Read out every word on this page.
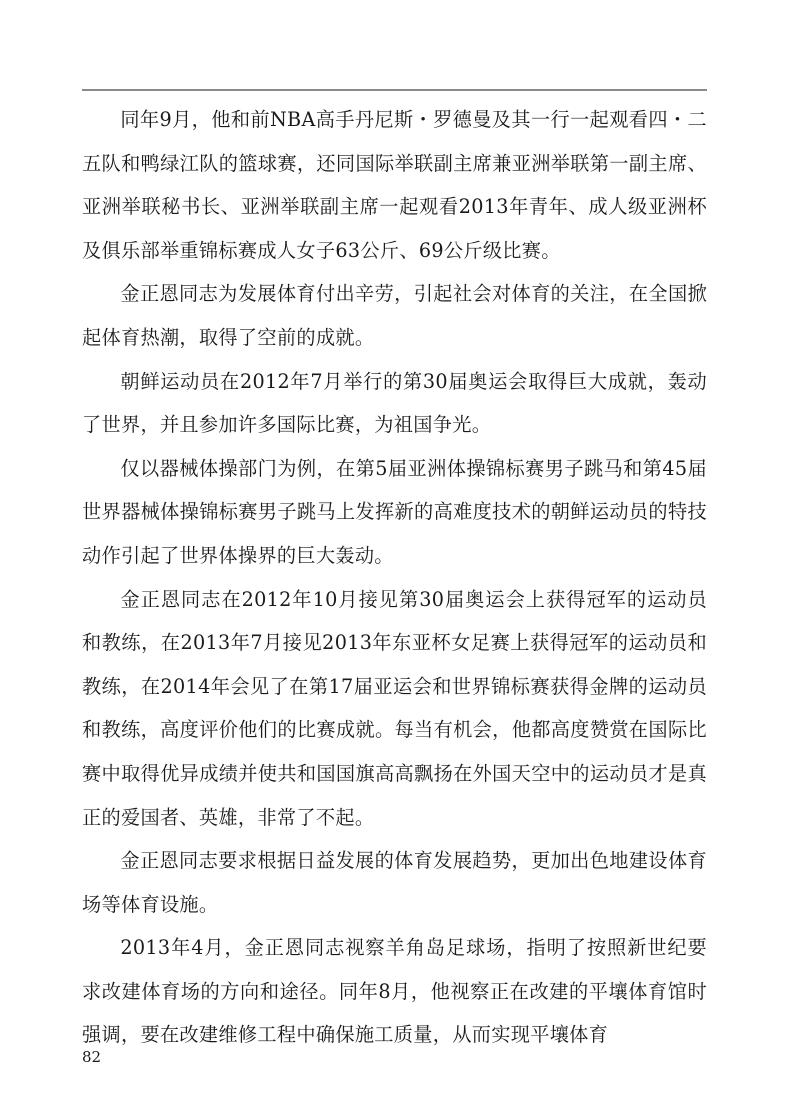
同年9月，他和前NBA高手丹尼斯・罗德曼及其一行一起观看四・二五队和鸭绿江队的篮球赛，还同国际举联副主席兼亚洲举联第一副主席、亚洲举联秘书长、亚洲举联副主席一起观看2013年青年、成人级亚洲杯及俱乐部举重锦标赛成人女子63公斤、69公斤级比赛。

金正恩同志为发展体育付出辛劳，引起社会对体育的关注，在全国掀起体育热潮，取得了空前的成就。

朝鲜运动员在2012年7月举行的第30届奥运会取得巨大成就，轰动了世界，并且参加许多国际比赛，为祖国争光。

仅以器械体操部门为例，在第5届亚洲体操锦标赛男子跳马和第45届世界器械体操锦标赛男子跳马上发挥新的高难度技术的朝鲜运动员的特技动作引起了世界体操界的巨大轰动。

金正恩同志在2012年10月接见第30届奥运会上获得冠军的运动员和教练，在2013年7月接见2013年东亚杯女足赛上获得冠军的运动员和教练，在2014年会见了在第17届亚运会和世界锦标赛获得金牌的运动员和教练，高度评价他们的比赛成就。每当有机会，他都高度赞赏在国际比赛中取得优异成绩并使共和国国旗高高飘扬在外国天空中的运动员才是真正的爱国者、英雄，非常了不起。

金正恩同志要求根据日益发展的体育发展趋势，更加出色地建设体育场等体育设施。

2013年4月，金正恩同志视察羊角岛足球场，指明了按照新世纪要求改建体育场的方向和途径。同年8月，他视察正在改建的平壤体育馆时强调，要在改建维修工程中确保施工质量，从而实现平壤体育

82
